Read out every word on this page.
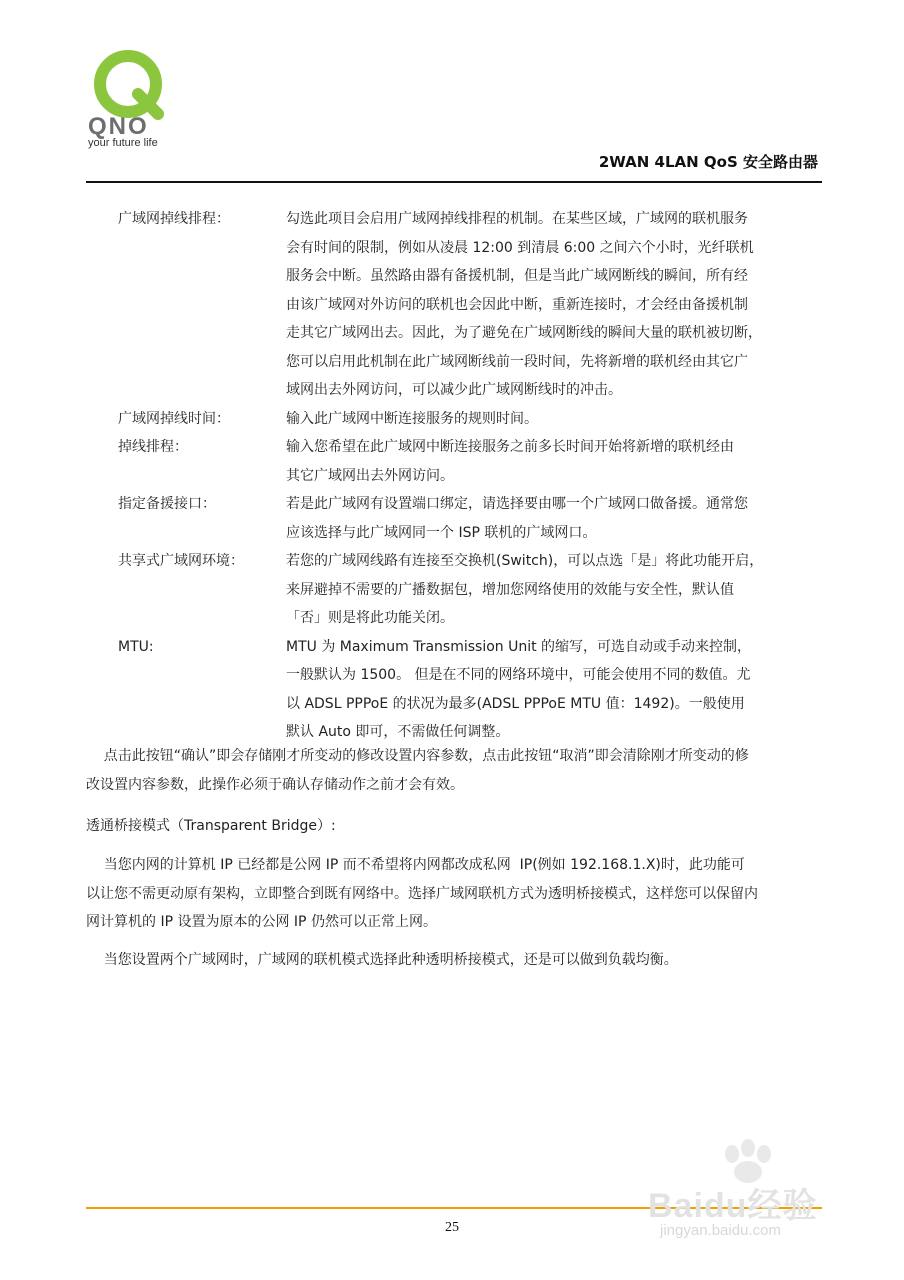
QNO
your future life
2WAN 4LAN QoS 安全路由器
广域网掉线排程：	勾选此项目会启用广域网掉线排程的机制。在某些区域，广域网的联机服务
会有时间的限制，例如从凌晨 12:00 到清晨 6:00 之间六个小时，光纤联机
服务会中断。虽然路由器有备援机制，但是当此广域网断线的瞬间，所有经
由该广域网对外访问的联机也会因此中断，重新连接时，才会经由备援机制
走其它广域网出去。因此，为了避免在广域网断线的瞬间大量的联机被切断，
您可以启用此机制在此广域网断线前一段时间，先将新增的联机经由其它广
域网出去外网访问，可以减少此广域网断线时的冲击。
广域网掉线时间：	输入此广域网中断连接服务的规则时间。
掉线排程：	输入您希望在此广域网中断连接服务之前多长时间开始将新增的联机经由
其它广域网出去外网访问。
指定备援接口：	若是此广域网有设置端口绑定，请选择要由哪一个广域网口做备援。通常您
应该选择与此广域网同一个 ISP 联机的广域网口。
共享式广域网环境：	若您的广域网线路有连接至交换机(Switch)，可以点选「是」将此功能开启，
来屏避掉不需要的广播数据包，增加您网络使用的效能与安全性，默认值
「否」则是将此功能关闭。
MTU:	MTU 为 Maximum Transmission Unit 的缩写，可选自动或手动来控制，
一般默认为 1500。 但是在不同的网络环境中，可能会使用不同的数值。尤
以 ADSL PPPoE 的状况为最多(ADSL PPPoE MTU 值：1492)。一般使用
默认 Auto 即可，不需做任何调整。
点击此按钮“确认”即会存储刚才所变动的修改设置内容参数，点击此按钮“取消”即会清除刚才所变动的修
改设置内容参数，此操作必须于确认存储动作之前才会有效。
透通桥接模式（Transparent Bridge）:
当您内网的计算机 IP 已经都是公网 IP 而不希望将内网都改成私网  IP(例如 192.168.1.X)时，此功能可
以让您不需更动原有架构，立即整合到既有网络中。选择广域网联机方式为透明桥接模式，这样您可以保留内
网计算机的 IP 设置为原本的公网 IP 仍然可以正常上网。
当您设置两个广域网时，广域网的联机模式选择此种透明桥接模式，还是可以做到负载均衡。
25
Baidu经验
jingyan.baidu.com
